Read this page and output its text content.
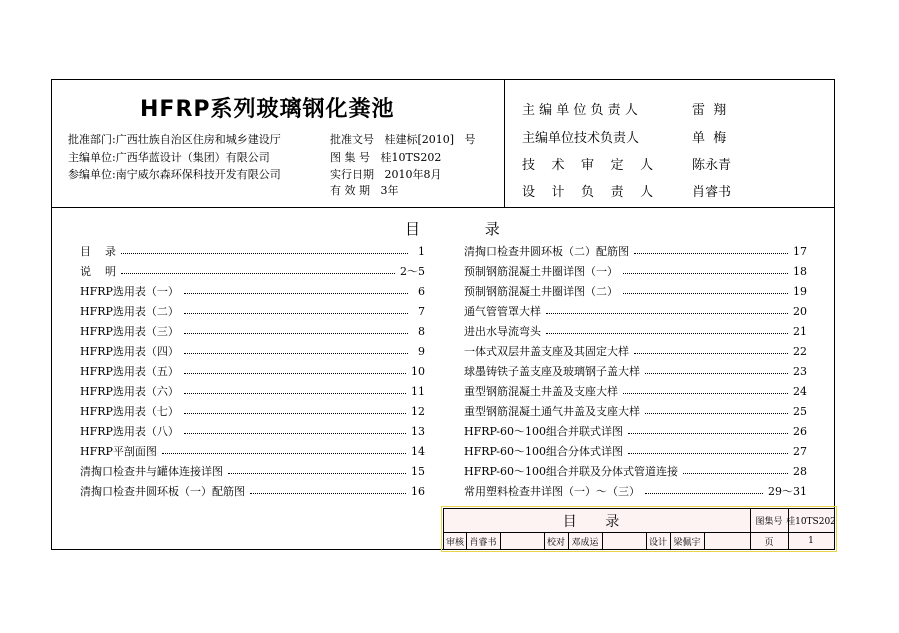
HFRP系列玻璃钢化粪池
批准部门:广西壮族自治区住房和城乡建设厅
主编单位:广西华蓝设计（集团）有限公司
参编单位:南宁威尔森环保科技开发有限公司
批准文号   桂建标[2010]   号
图 集 号   桂10TS202
实行日期   2010年8月
有 效 期   3年
主 编 单 位 负 责 人	雷  翔
主编单位技术负责人	单  梅
技    术    审    定    人	陈永青
设    计    负    责    人	肖睿书
目 录
目    录	1
说    明	2～5
HFRP选用表（一）	6
HFRP选用表（二）	7
HFRP选用表（三）	8
HFRP选用表（四）	9
HFRP选用表（五）	10
HFRP选用表（六）	11
HFRP选用表（七）	12
HFRP选用表（八）	13
HFRP平剖面图	14
清掏口检查井与罐体连接详图	15
清掏口检查井圆环板（一）配筋图	16
清掏口检查井圆环板（二）配筋图	17
预制钢筋混凝土井圈详图（一）	18
预制钢筋混凝土井圈详图（二）	19
通气管管罩大样	20
进出水导流弯头	21
一体式双层井盖支座及其固定大样	22
球墨铸铁子盖支座及玻璃钢子盖大样	23
重型钢筋混凝土井盖及支座大样	24
重型钢筋混凝土通气井盖及支座大样	25
HFRP-60～100组合并联式详图	26
HFRP-60～100组合分体式详图	27
HFRP-60～100组合并联及分体式管道连接	28
常用塑料检查井详图（一）～（三）	29～31
目 录	图集号 桂10TS202
审核 肖睿书	校对 邓成运	设计 梁佩宇	页	1
